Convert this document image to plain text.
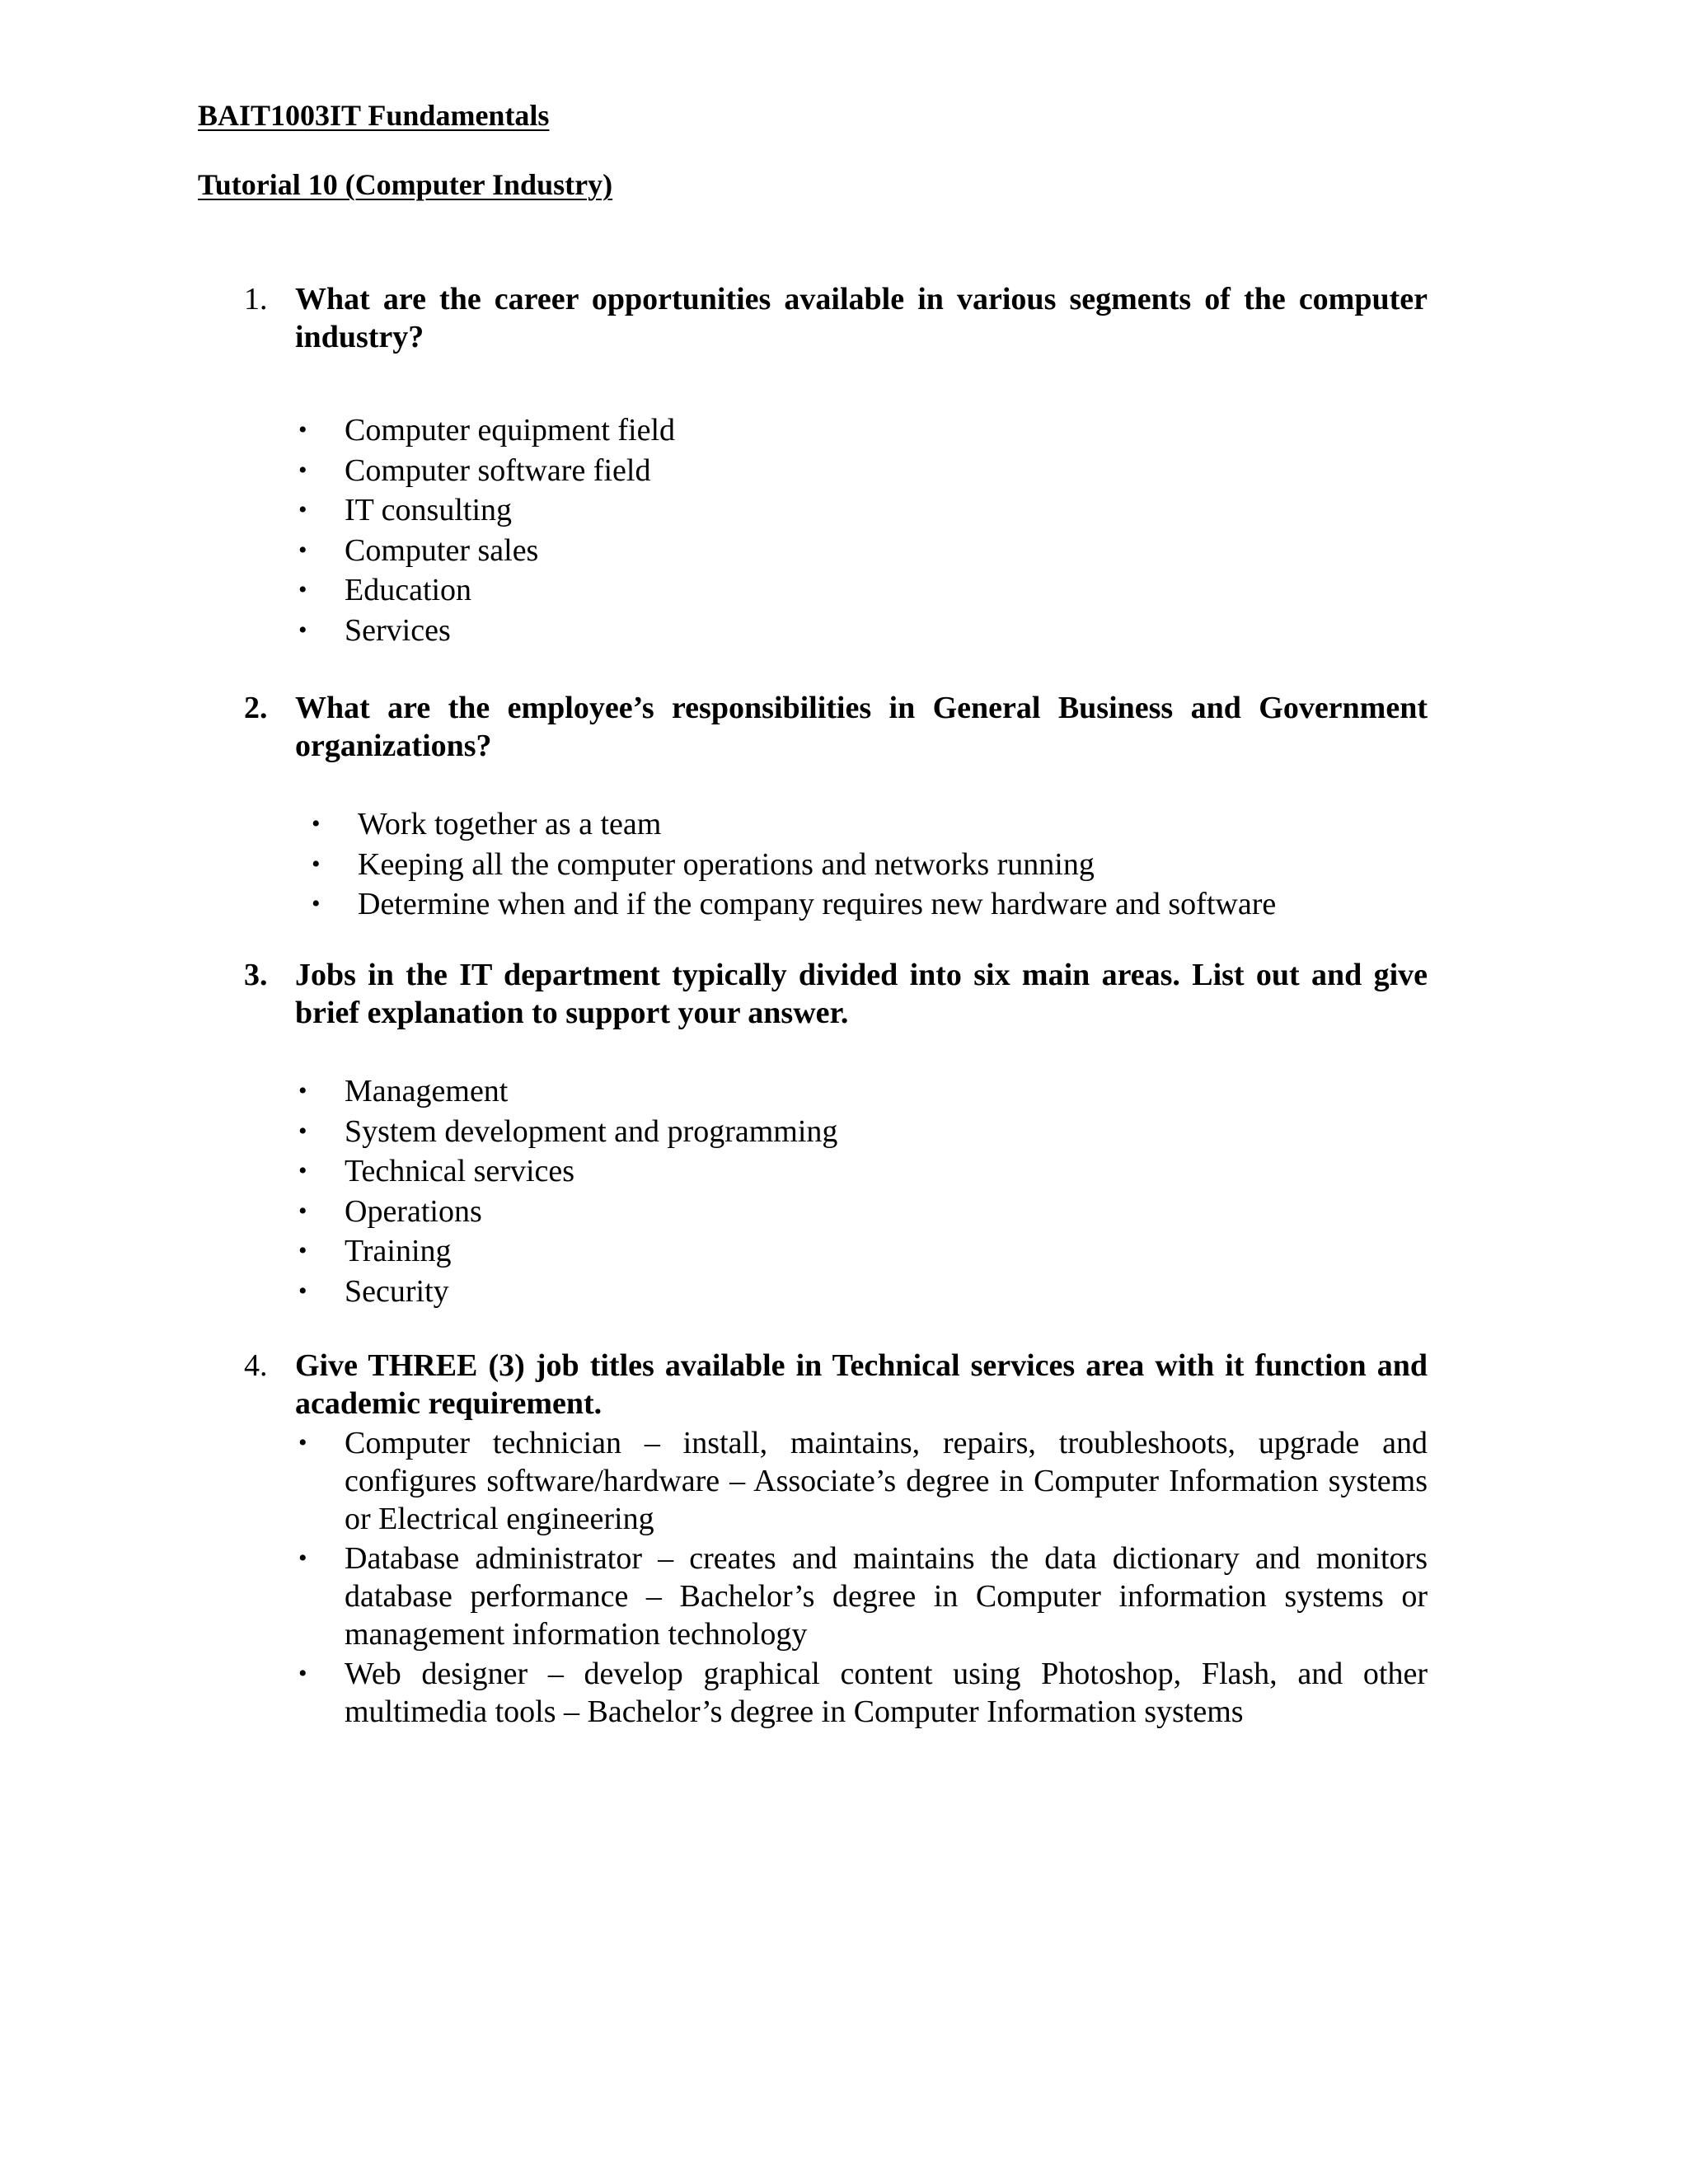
BAIT1003IT Fundamentals
Tutorial 10 (Computer Industry)
1. What are the career opportunities available in various segments of the computer industry?
• Computer equipment field
• Computer software field
• IT consulting
• Computer sales
• Education
• Services
2. What are the employee’s responsibilities in General Business and Government organizations?
• Work together as a team
• Keeping all the computer operations and networks running
• Determine when and if the company requires new hardware and software
3. Jobs in the IT department typically divided into six main areas. List out and give brief explanation to support your answer.
• Management
• System development and programming
• Technical services
• Operations
• Training
• Security
4. Give THREE (3) job titles available in Technical services area with it function and academic requirement.
• Computer technician – install, maintains, repairs, troubleshoots, upgrade and configures software/hardware – Associate’s degree in Computer Information systems or Electrical engineering
• Database administrator – creates and maintains the data dictionary and monitors database performance – Bachelor’s degree in Computer information systems or management information technology
• Web designer – develop graphical content using Photoshop, Flash, and other multimedia tools – Bachelor’s degree in Computer Information systems
